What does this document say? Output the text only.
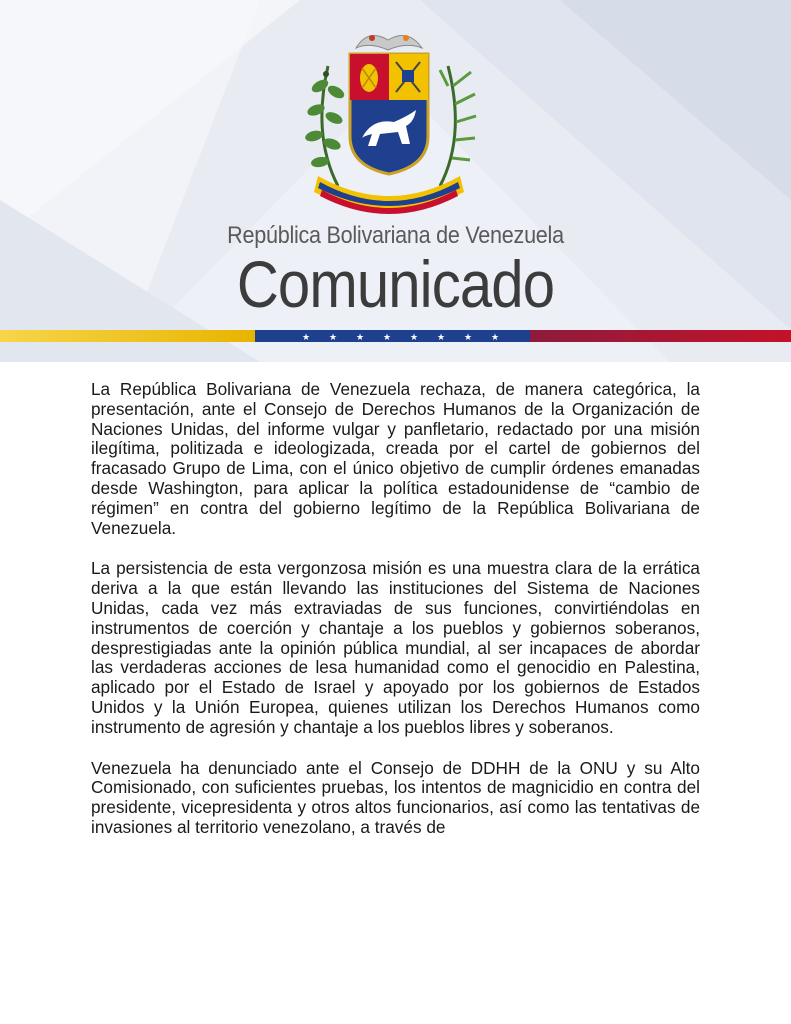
República Bolivariana de Venezuela
Comunicado
★ ★ ★ ★ ★ ★ ★ ★

La República Bolivariana de Venezuela rechaza, de manera categórica, la presentación, ante el Consejo de Derechos Humanos de la Organización de Naciones Unidas, del informe vulgar y panfletario, redactado por una misión ilegítima, politizada e ideologizada, creada por el cartel de gobiernos del fracasado Grupo de Lima, con el único objetivo de cumplir órdenes emanadas desde Washington, para aplicar la política estadounidense de “cambio de régimen” en contra del gobierno legítimo de la República Bolivariana de Venezuela.

La persistencia de esta vergonzosa misión es una muestra clara de la errática deriva a la que están llevando las instituciones del Sistema de Naciones Unidas, cada vez más extraviadas de sus funciones, convirtiéndolas en instrumentos de coerción y chantaje a los pueblos y gobiernos soberanos, desprestigiadas ante la opinión pública mundial, al ser incapaces de abordar las verdaderas acciones de lesa humanidad como el genocidio en Palestina, aplicado por el Estado de Israel y apoyado por los gobiernos de Estados Unidos y la Unión Europea, quienes utilizan los Derechos Humanos como instrumento de agresión y chantaje a los pueblos libres y soberanos.

Venezuela ha denunciado ante el Consejo de DDHH de la ONU y su Alto Comisionado, con suficientes pruebas, los intentos de magnicidio en contra del presidente, vicepresidenta y otros altos funcionarios, así como las tentativas de invasiones al territorio venezolano, a través de
